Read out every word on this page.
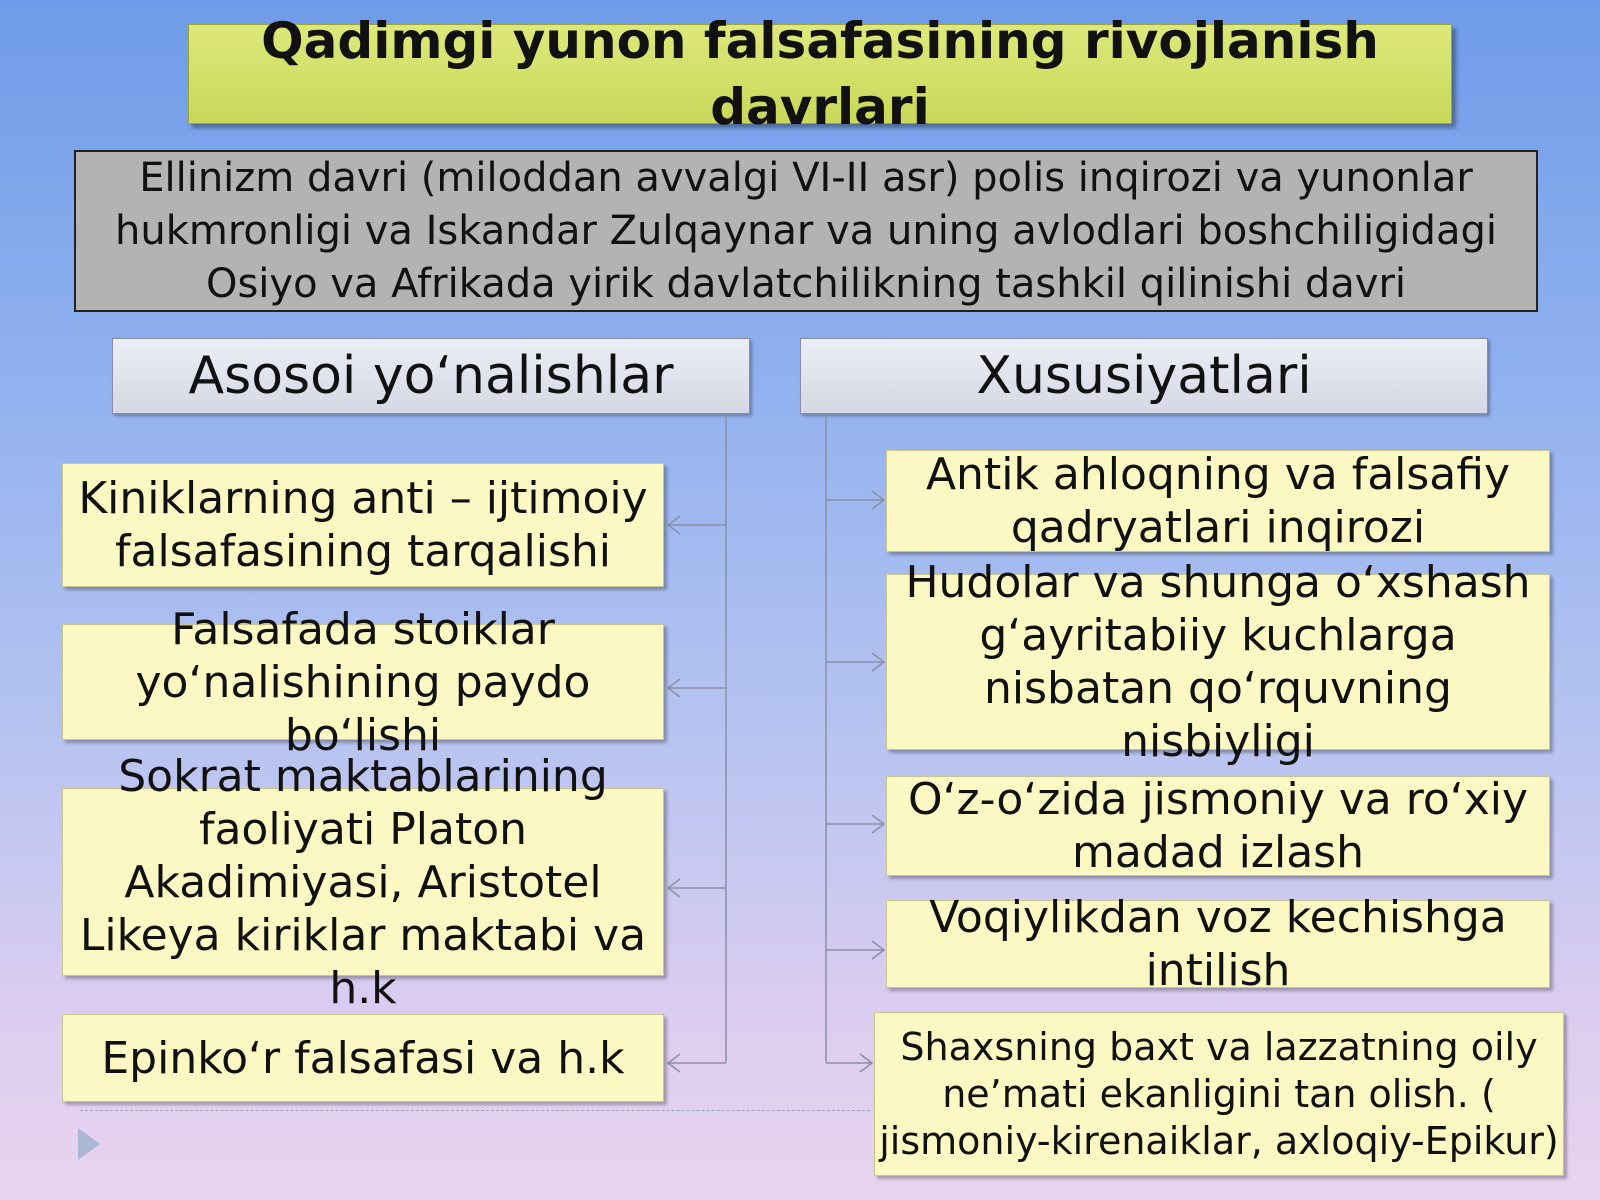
Qadimgi yunon falsafasining rivojlanish davrlari
Ellinizm davri (miloddan avvalgi VI-II asr) polis inqirozi va yunonlar hukmronligi va Iskandar Zulqaynar va uning avlodlari boshchiligidagi Osiyo va Afrikada yirik davlatchilikning tashkil qilinishi davri
Asosoi yoʻnalishlar	Xususiyatlari
Kiniklarning anti – ijtimoiy falsafasining tarqalishi
Falsafada stoiklar yoʻnalishining paydo boʻlishi
Sokrat maktablarining faoliyati Platon Akadimiyasi, Aristotel Likeya kiriklar maktabi va h.k
Epinkoʻr falsafasi va h.k
Antik ahloqning va falsafiy qadryatlari inqirozi
Hudolar va shunga oʻxshash gʻayritabiiy kuchlarga nisbatan qoʻrquvning nisbiyligi
Oʻz-oʻzida jismoniy va roʻxiy madad izlash
Voqiylikdan voz kechishga intilish
Shaxsning baxt va lazzatning oily neʼmati ekanligini tan olish. ( jismoniy-kirenaiklar, axloqiy-Epikur)
